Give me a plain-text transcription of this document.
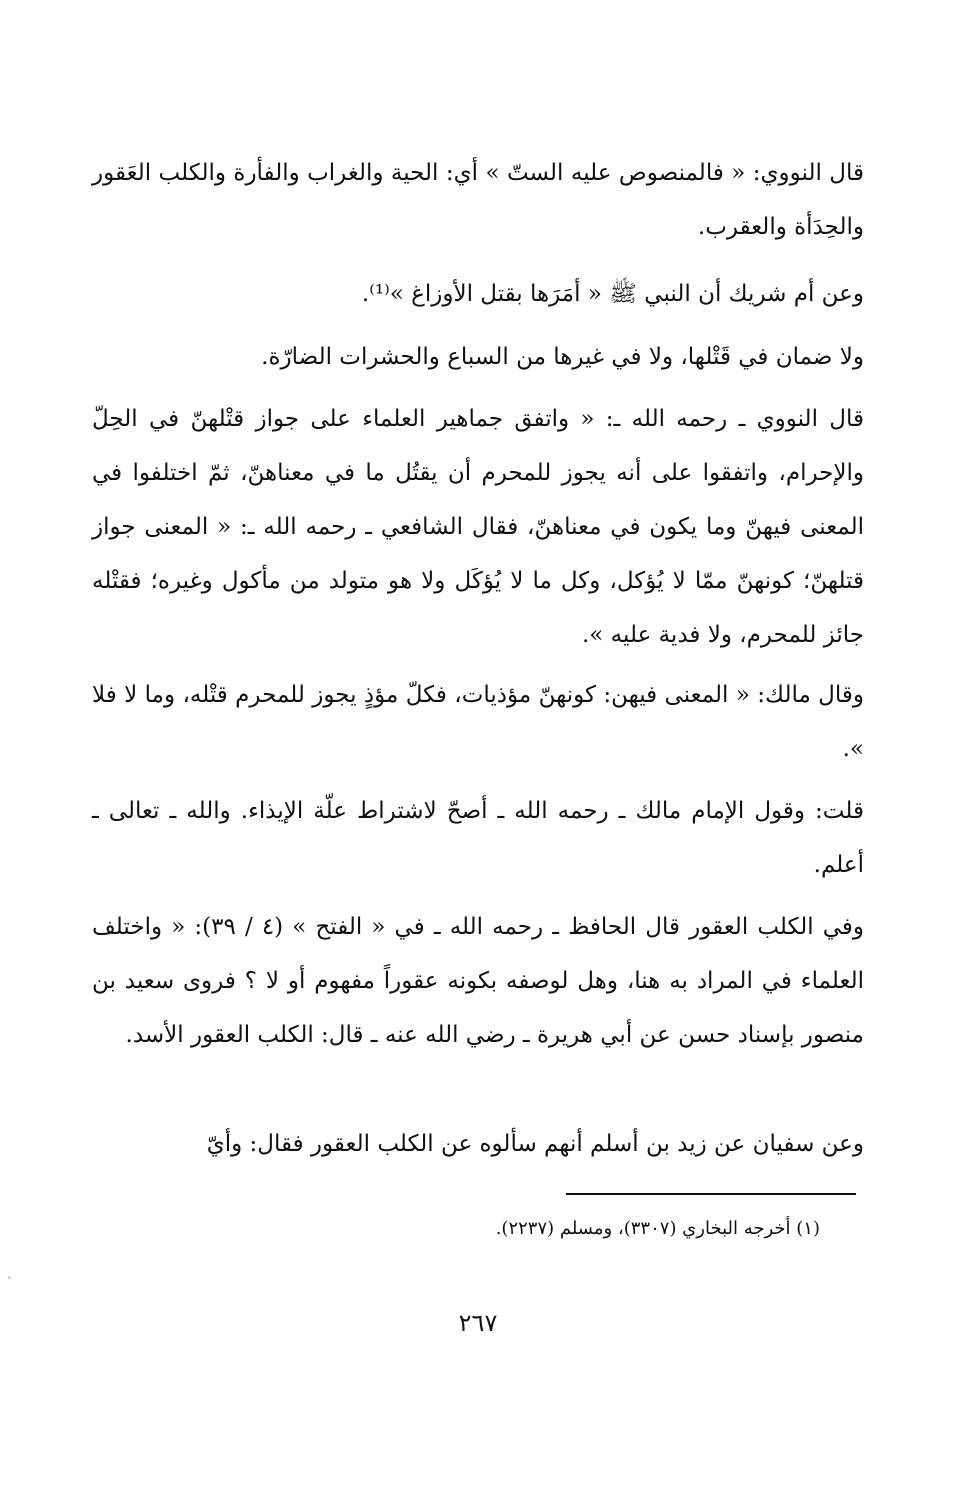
قال النووي: « فالمنصوص عليه الستّ » أي: الحية والغراب والفأرة والكلب العَقور والحِدَأة والعقرب.

وعن أم شريك أن النبي ﷺ « أمَرَها بقتل الأوزاغ »⁽¹⁾.

ولا ضمان في قَتْلها، ولا في غيرها من السباع والحشرات الضارّة.

قال النووي ـ رحمه الله ـ: « واتفق جماهير العلماء على جواز قتْلهنّ في الحِلّ والإحرام، واتفقوا على أنه يجوز للمحرم أن يقتُل ما في معناهنّ، ثمّ اختلفوا في المعنى فيهنّ وما يكون في معناهنّ، فقال الشافعي ـ رحمه الله ـ: « المعنى جواز قتلهنّ؛ كونهنّ ممّا لا يُؤكل، وكل ما لا يُؤكَل ولا هو متولد من مأكول وغيره؛ فقتْله جائز للمحرم، ولا فدية عليه ».

وقال مالك: « المعنى فيهن: كونهنّ مؤذيات، فكلّ مؤذٍ يجوز للمحرم قتْله، وما لا فلا ».

قلت: وقول الإمام مالك ـ رحمه الله ـ أصحّ لاشتراط علّة الإيذاء. والله ـ تعالى ـ أعلم.

وفي الكلب العقور قال الحافظ ـ رحمه الله ـ في « الفتح » (٤ / ٣٩): « واختلف العلماء في المراد به هنا، وهل لوصفه بكونه عقوراً مفهوم أو لا ؟ فروى سعيد بن منصور بإسناد حسن عن أبي هريرة ـ رضي الله عنه ـ قال: الكلب العقور الأسد.

وعن سفيان عن زيد بن أسلم أنهم سألوه عن الكلب العقور فقال: وأيّ

(١) أخرجه البخاري (٣٣٠٧)، ومسلم (٢٢٣٧).
٢٦٧
